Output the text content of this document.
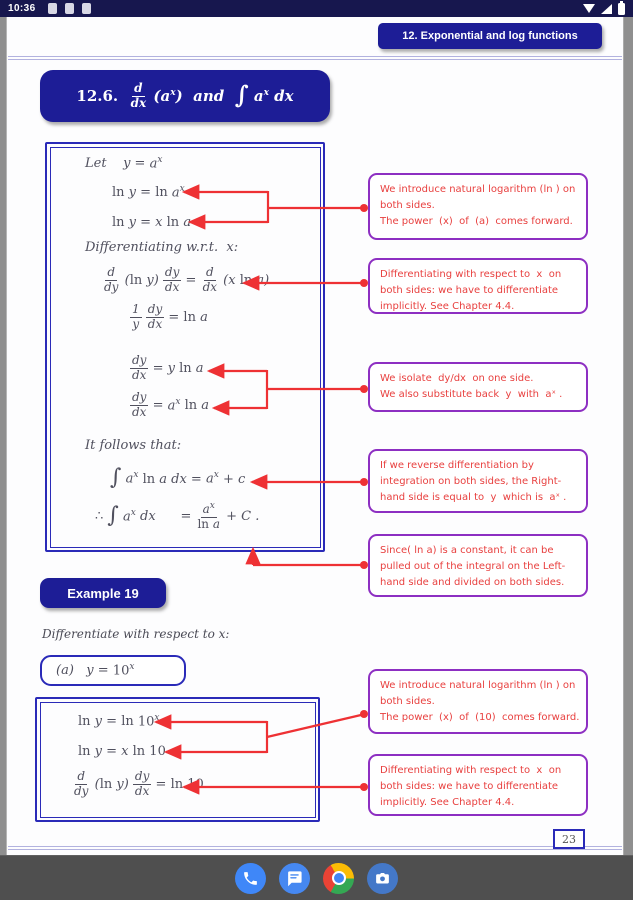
10:36
12. Exponential and log functions
12.6. $\frac{d}{dx}$ ( $a^x$ )  and ∫
$a^x$ dx
Let    $y = a^x$
$\ln y = \ln a^x$
ln y = x ln a
Differentiating w.r.t.  x:
$\frac{d}{dy}$ ( $\ln y) \frac{dy}{dx} = \frac{d}{dx} (x$ ln a)
$\frac{1}{y}$
$\frac{dy}{dx} = \ln a$
$\frac{dy}{dx} = y$ ln a
$\frac{dy}{dx} = a^x$
ln a .
It follows that:
∫
$a^x$
ln a dx = $a^x + c$
∴ ∫
$a^x$ dx      = $\frac{a^x}{\text{ln a}} + C$ .
We introduce natural logarithm (ln ) on
both sides.
The power  (x)  of  (a)  comes forward.
Differentiating with respect to  x  on
both sides: we have to differentiate
implicitly. See Chapter 4.4.
We isolate  dy/dx  on one side.
We also substitute back  y  with  aˣ .
If we reverse differentiation by
integration on both sides, the Right-
hand side is equal to  y  which is  aˣ .
Since( ln a) is a constant, it can be
pulled out of the integral on the Left-
hand side and divided on both sides.
We introduce natural logarithm (ln ) on
both sides.
The power  (x)  of  (10)  comes forward.
Differentiating with respect to  x  on
both sides: we have to differentiate
implicitly. See Chapter 4.4.
Example 19
Differentiate with respect to x:
(a)   $y = 10^x$
ln y = ln 10$^x$
ln y = x ln 10
$\frac{d}{dy}$ ( $\ln y) \frac{dy}{dx} = \ln 10$
23
